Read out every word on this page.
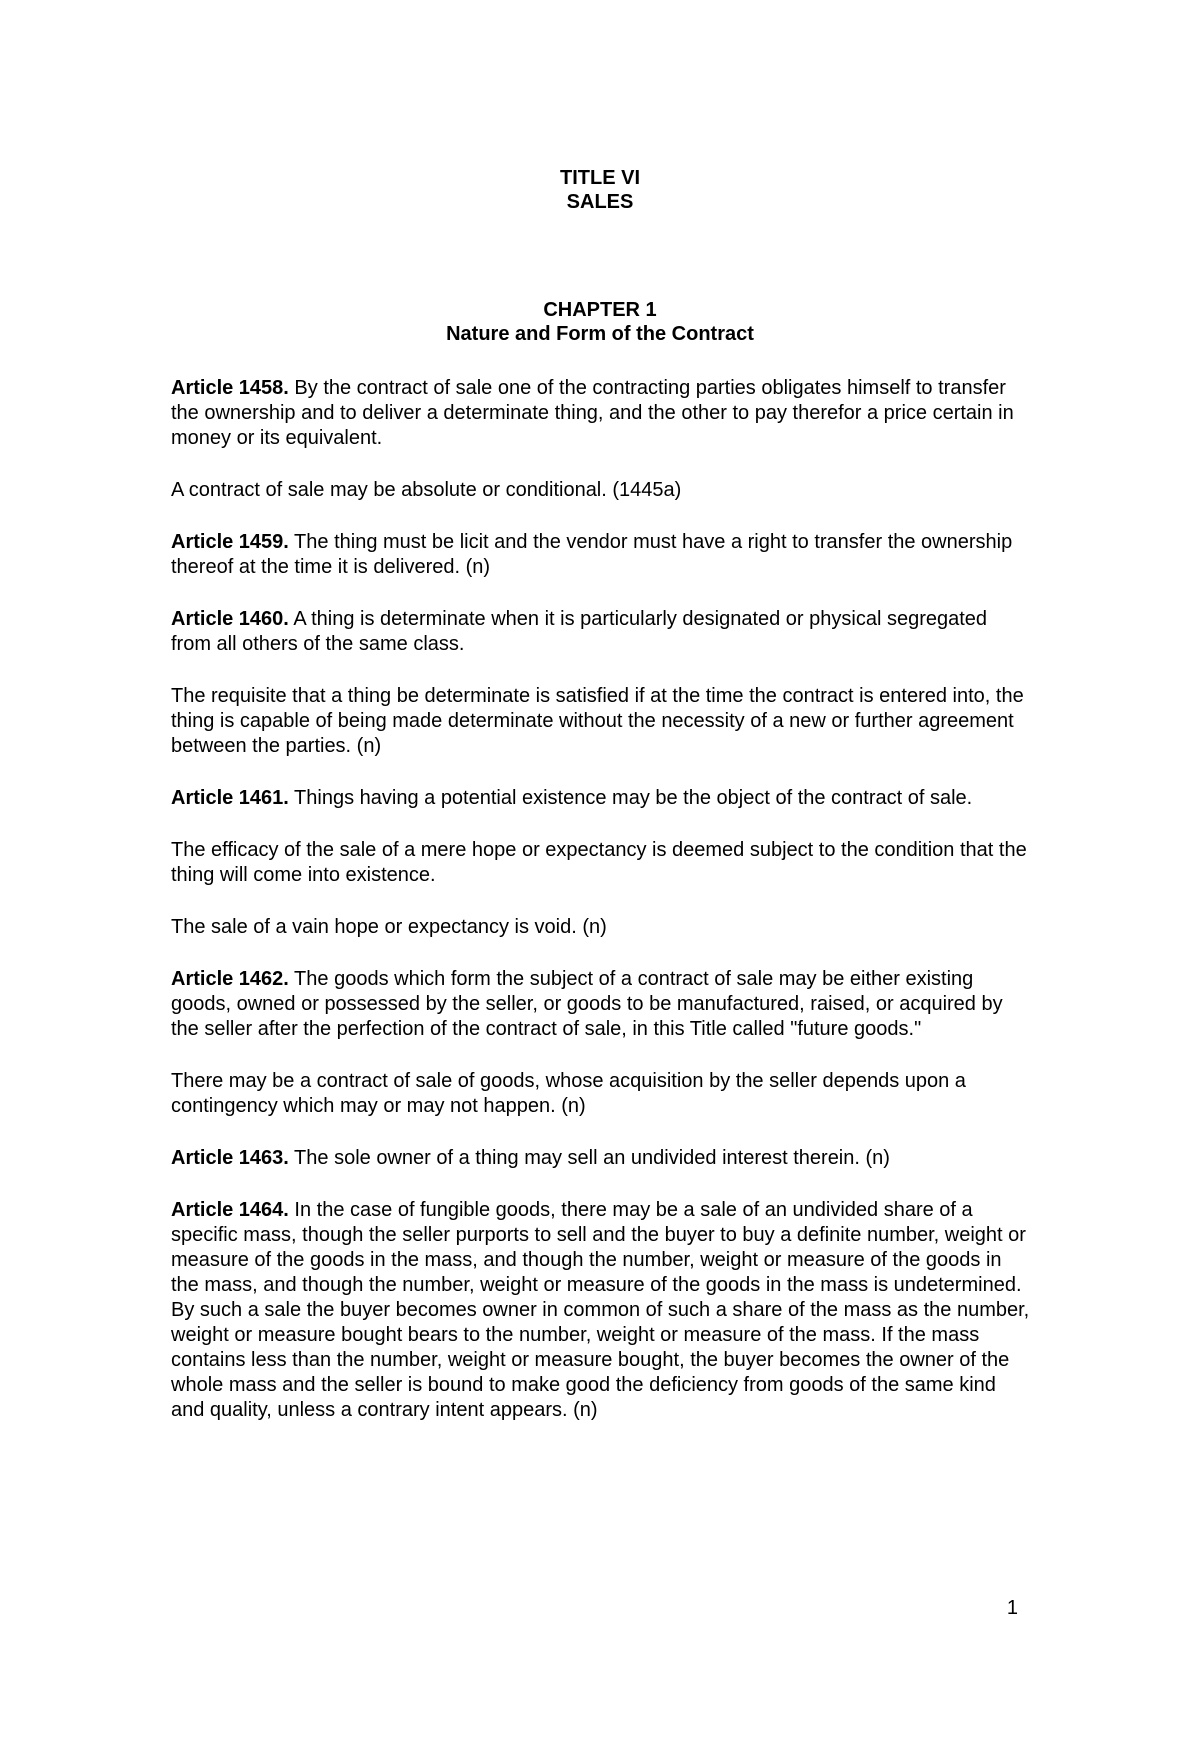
TITLE VI
SALES
CHAPTER 1
Nature and Form of the Contract

Article 1458. By the contract of sale one of the contracting parties obligates himself to transfer the ownership and to deliver a determinate thing, and the other to pay therefor a price certain in money or its equivalent.

A contract of sale may be absolute or conditional. (1445a)

Article 1459. The thing must be licit and the vendor must have a right to transfer the ownership thereof at the time it is delivered. (n)

Article 1460. A thing is determinate when it is particularly designated or physical segregated from all others of the same class.

The requisite that a thing be determinate is satisfied if at the time the contract is entered into, the thing is capable of being made determinate without the necessity of a new or further agreement between the parties. (n)

Article 1461. Things having a potential existence may be the object of the contract of sale.

The efficacy of the sale of a mere hope or expectancy is deemed subject to the condition that the thing will come into existence.

The sale of a vain hope or expectancy is void. (n)

Article 1462. The goods which form the subject of a contract of sale may be either existing goods, owned or possessed by the seller, or goods to be manufactured, raised, or acquired by the seller after the perfection of the contract of sale, in this Title called "future goods."

There may be a contract of sale of goods, whose acquisition by the seller depends upon a contingency which may or may not happen. (n)

Article 1463. The sole owner of a thing may sell an undivided interest therein. (n)

Article 1464. In the case of fungible goods, there may be a sale of an undivided share of a specific mass, though the seller purports to sell and the buyer to buy a definite number, weight or measure of the goods in the mass, and though the number, weight or measure of the goods in the mass, and though the number, weight or measure of the goods in the mass is undetermined. By such a sale the buyer becomes owner in common of such a share of the mass as the number, weight or measure bought bears to the number, weight or measure of the mass. If the mass contains less than the number, weight or measure bought, the buyer becomes the owner of the whole mass and the seller is bound to make good the deficiency from goods of the same kind and quality, unless a contrary intent appears. (n)

1
